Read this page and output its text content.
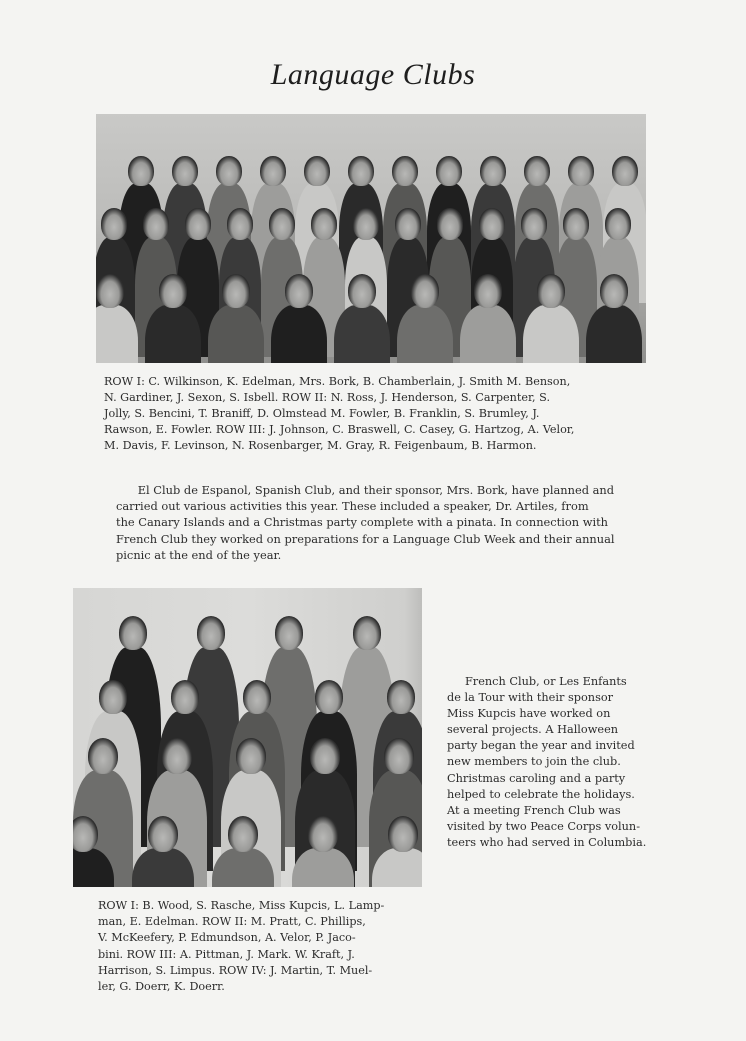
Language Clubs
ROW I: C. Wilkinson, K. Edelman, Mrs. Bork, B. Chamberlain, J. Smith M. Benson,
N. Gardiner, J. Sexon, S. Isbell. ROW II: N. Ross, J. Henderson, S. Carpenter, S.
Jolly, S. Bencini, T. Braniff, D. Olmstead M. Fowler, B. Franklin, S. Brumley, J.
Rawson, E. Fowler. ROW III: J. Johnson, C. Braswell, C. Casey, G. Hartzog, A. Velor,
M. Davis, F. Levinson, N. Rosenbarger, M. Gray, R. Feigenbaum, B. Harmon.
El Club de Espanol, Spanish Club, and their sponsor, Mrs. Bork, have planned and
carried out various activities this year. These included a speaker, Dr. Artiles, from
the Canary Islands and a Christmas party complete with a pinata. In connection with
French Club they worked on preparations for a Language Club Week and their annual
picnic at the end of the year.
French Club, or Les Enfants
de la Tour with their sponsor
Miss Kupcis have worked on
several projects. A Halloween
party began the year and invited
new members to join the club.
Christmas caroling and a party
helped to celebrate the holidays.
At a meeting French Club was
visited by two Peace Corps volun-
teers who had served in Columbia.
ROW I: B. Wood, S. Rasche, Miss Kupcis, L. Lamp-
man, E. Edelman. ROW II: M. Pratt, C. Phillips,
V. McKeefery, P. Edmundson, A. Velor, P. Jaco-
bini. ROW III: A. Pittman, J. Mark. W. Kraft, J.
Harrison, S. Limpus. ROW IV: J. Martin, T. Muel-
ler, G. Doerr, K. Doerr.
